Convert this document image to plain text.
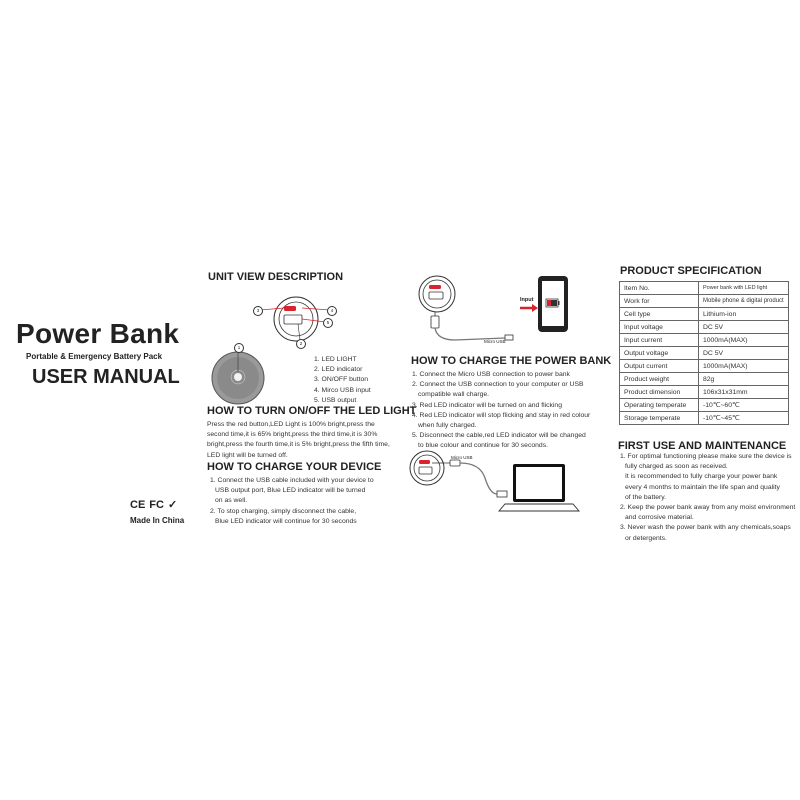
Power Bank
Portable & Emergency Battery Pack
USER MANUAL
CE FC ✓
Made In China
UNIT VIEW DESCRIPTION
3	4
5
2
1
1. LED LIGHT
2. LED indicator
3. ON/OFF button
4. Mirco USB input
5. USB output
HOW TO TURN ON/OFF THE LED LIGHT
Press the red button,LED Light is 100% bright,press the
second time,it is 65% bright,press the third time,it is 30%
bright,press the fourth time,it is 5% bright,press the fifth time,
LED light will be turned off.
HOW TO CHARGE YOUR DEVICE
1. Connect the USB cable included with your device to
USB output port, Blue LED indicator will be turned
on as well.
2. To stop charging, simply disconnect the cable,
Blue LED indicator will continue for 30 seconds
Input
Micro USB
HOW TO CHARGE THE POWER BANK
1. Connect the Micro USB connection to power bank
2. Connect the USB connection to your computer or USB
compatible wall charge.
3. Red LED indicator will be turned on and flicking
4. Red LED indicator will stop flicking and stay in red colour
when fully charged.
5. Disconnect the cable,red LED indicator will be changed
to blue colour and continue for 30 seconds.
Micro USB
PRODUCT SPECIFICATION
Item No.	Power bank with LED light
Work for	Mobile phone & digital product
Cell type	Lithium-ion
Input voltage	DC 5V
Input current	1000mA(MAX)
Output voltage	DC 5V
Output current	1000mA(MAX)
Product weight	82g
Product dimension	106x31x31mm
Operating temperate	-10℃~60℃
Storage temperate	-10℃~45℃
FIRST USE AND MAINTENANCE
1. For optimal functioning please make sure the device is
fully charged as soon as received.
It is recommended to fully charge your power bank
every 4 months to maintain the life span and quality
of the battery.
2. Keep the power bank away from any moist environment
and corrosive material.
3. Never wash the power bank with any chemicals,soaps
or detergents.
